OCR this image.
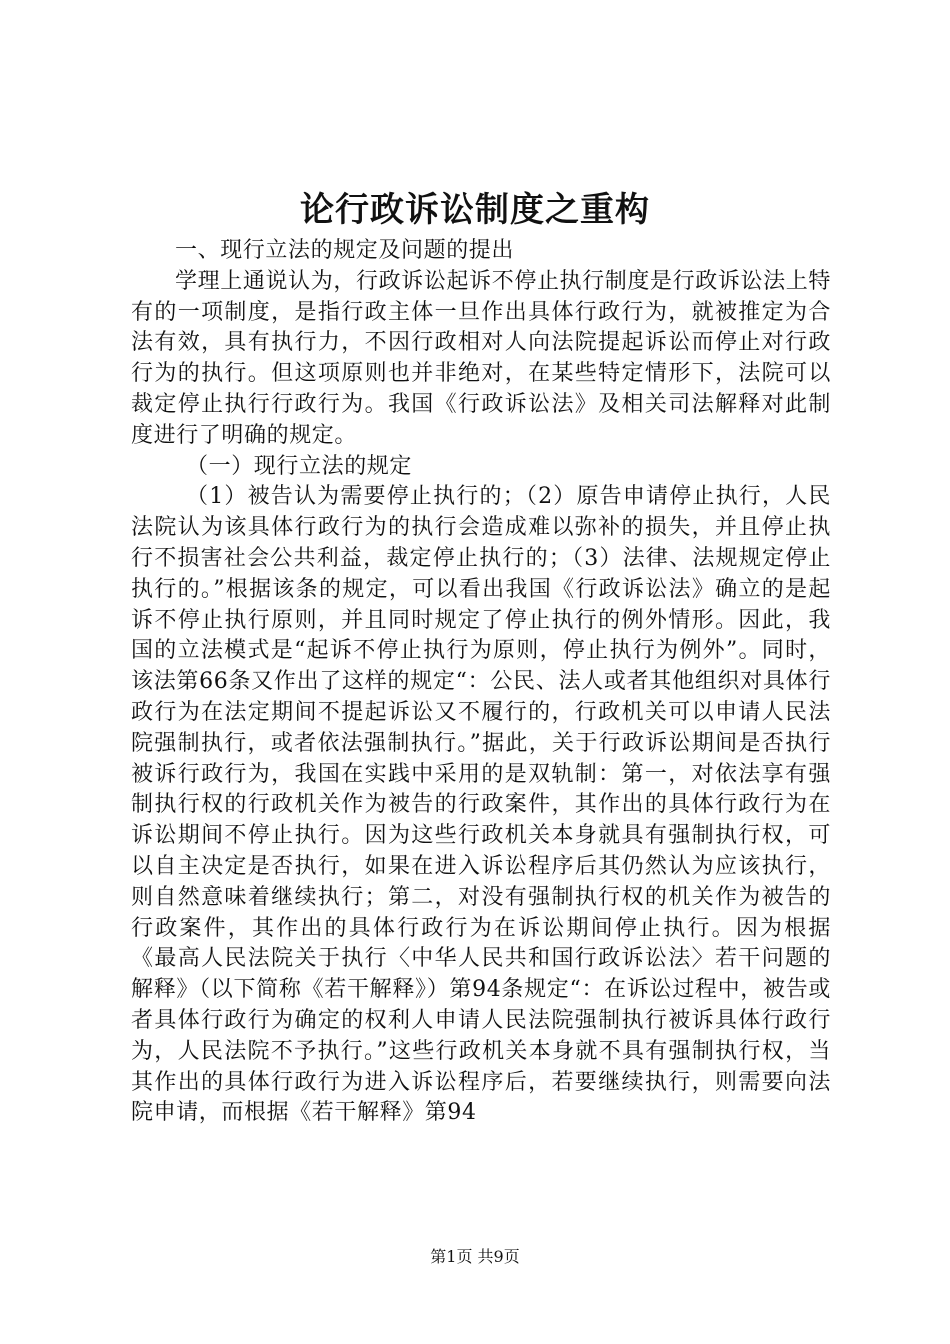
论行政诉讼制度之重构

一、现行立法的规定及问题的提出

学理上通说认为，行政诉讼起诉不停止执行制度是行政诉讼法上特有的一项制度，是指行政主体一旦作出具体行政行为，就被推定为合法有效，具有执行力，不因行政相对人向法院提起诉讼而停止对行政行为的执行。但这项原则也并非绝对，在某些特定情形下，法院可以裁定停止执行行政行为。我国《行政诉讼法》及相关司法解释对此制度进行了明确的规定。

（一）现行立法的规定

（1）被告认为需要停止执行的；（2）原告申请停止执行，人民法院认为该具体行政行为的执行会造成难以弥补的损失，并且停止执行不损害社会公共利益，裁定停止执行的；（3）法律、法规规定停止执行的。”根据该条的规定，可以看出我国《行政诉讼法》确立的是起诉不停止执行原则，并且同时规定了停止执行的例外情形。因此，我国的立法模式是“起诉不停止执行为原则，停止执行为例外”。同时，该法第66条又作出了这样的规定“：公民、法人或者其他组织对具体行政行为在法定期间不提起诉讼又不履行的，行政机关可以申请人民法院强制执行，或者依法强制执行。”据此，关于行政诉讼期间是否执行被诉行政行为，我国在实践中采用的是双轨制：第一，对依法享有强制执行权的行政机关作为被告的行政案件，其作出的具体行政行为在诉讼期间不停止执行。因为这些行政机关本身就具有强制执行权，可以自主决定是否执行，如果在进入诉讼程序后其仍然认为应该执行，则自然意味着继续执行；第二，对没有强制执行权的机关作为被告的行政案件，其作出的具体行政行为在诉讼期间停止执行。因为根据《最高人民法院关于执行〈中华人民共和国行政诉讼法〉若干问题的解释》（以下简称《若干解释》）第94条规定“：在诉讼过程中，被告或者具体行政行为确定的权利人申请人民法院强制执行被诉具体行政行为，人民法院不予执行。”这些行政机关本身就不具有强制执行权，当其作出的具体行政行为进入诉讼程序后，若要继续执行，则需要向法院申请，而根据《若干解释》第94

第1页 共9页
